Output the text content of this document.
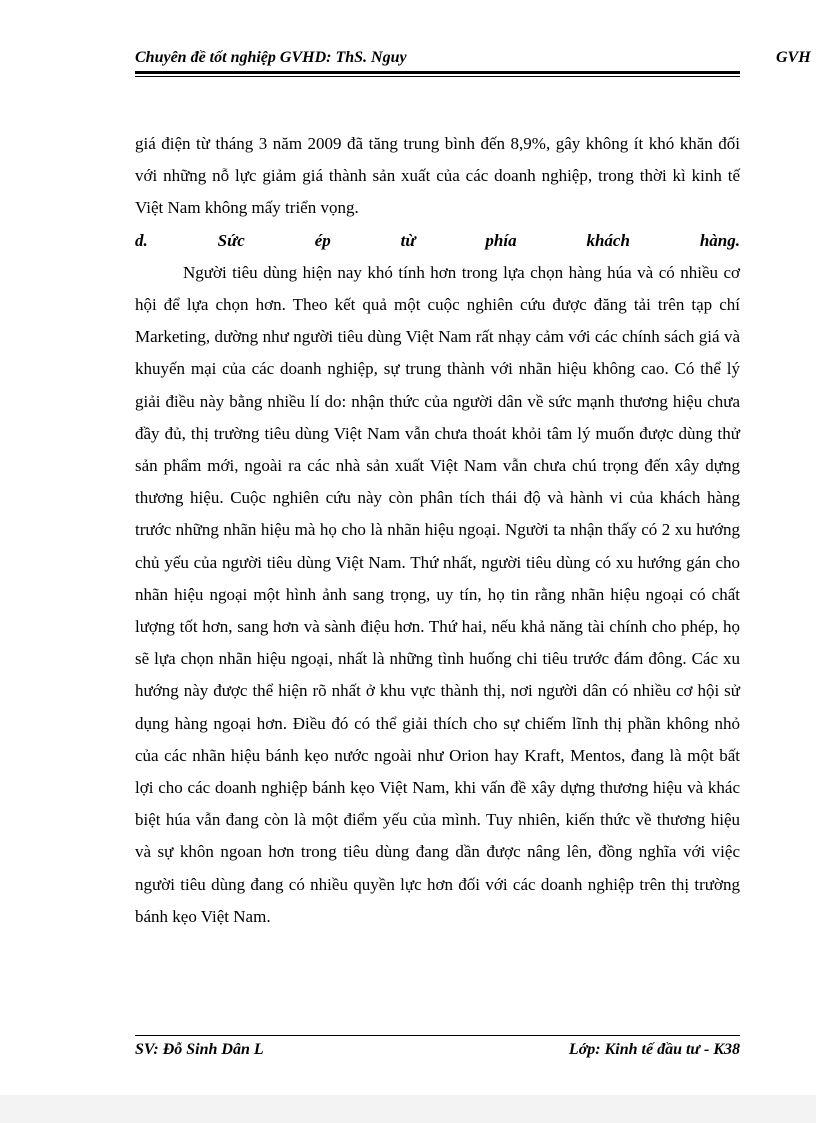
Chuyên đề tốt nghiệp GVHD: ThS. Nguy	GVH

giá điện từ tháng 3 năm 2009 đã tăng trung bình đến 8,9%, gây không ít khó khăn đối với những nỗ lực giảm giá thành sản xuất của các doanh nghiệp, trong thời kì kinh tế Việt Nam không mấy triển vọng.

d.	Sức	ép	từ	phía	khách	hàng.

Người tiêu dùng hiện nay khó tính hơn trong lựa chọn hàng húa và có nhiều cơ hội để lựa chọn hơn. Theo kết quả một cuộc nghiên cứu được đăng tải trên tạp chí Marketing, dường như người tiêu dùng Việt Nam rất nhạy cảm với các chính sách giá và khuyến mại của các doanh nghiệp, sự trung thành với nhãn hiệu không cao. Có thể lý giải điều này bằng nhiều lí do: nhận thức của người dân về sức mạnh thương hiệu chưa đầy đủ, thị trường tiêu dùng Việt Nam vẫn chưa thoát khỏi tâm lý muốn được dùng thử sản phẩm mới, ngoài ra các nhà sản xuất Việt Nam vẫn chưa chú trọng đến xây dựng thương hiệu. Cuộc nghiên cứu này còn phân tích thái độ và hành vi của khách hàng trước những nhãn hiệu mà họ cho là nhãn hiệu ngoại. Người ta nhận thấy có 2 xu hướng chủ yếu của người tiêu dùng Việt Nam. Thứ nhất, người tiêu dùng có xu hướng gán cho nhãn hiệu ngoại một hình ảnh sang trọng, uy tín, họ tin rằng nhãn hiệu ngoại có chất lượng tốt hơn, sang hơn và sành điệu hơn. Thứ hai, nếu khả năng tài chính cho phép, họ sẽ lựa chọn nhãn hiệu ngoại, nhất là những tình huống chi tiêu trước đám đông. Các xu hướng này được thể hiện rõ nhất ở khu vực thành thị, nơi người dân có nhiều cơ hội sử dụng hàng ngoại hơn. Điều đó có thể giải thích cho sự chiếm lĩnh thị phần không nhỏ của các nhãn hiệu bánh kẹo nước ngoài như Orion hay Kraft, Mentos, đang là một bất lợi cho các doanh nghiệp bánh kẹo Việt Nam, khi vấn đề xây dựng thương hiệu và khác biệt húa vẫn đang còn là một điểm yếu của mình. Tuy nhiên, kiến thức về thương hiệu và sự khôn ngoan hơn trong tiêu dùng đang dần được nâng lên, đồng nghĩa với việc người tiêu dùng đang có nhiều quyền lực hơn đối với các doanh nghiệp trên thị trường bánh kẹo Việt Nam.

SV: Đỗ Sinh Dân L	Lớp: Kinh tế đầu tư - K38
